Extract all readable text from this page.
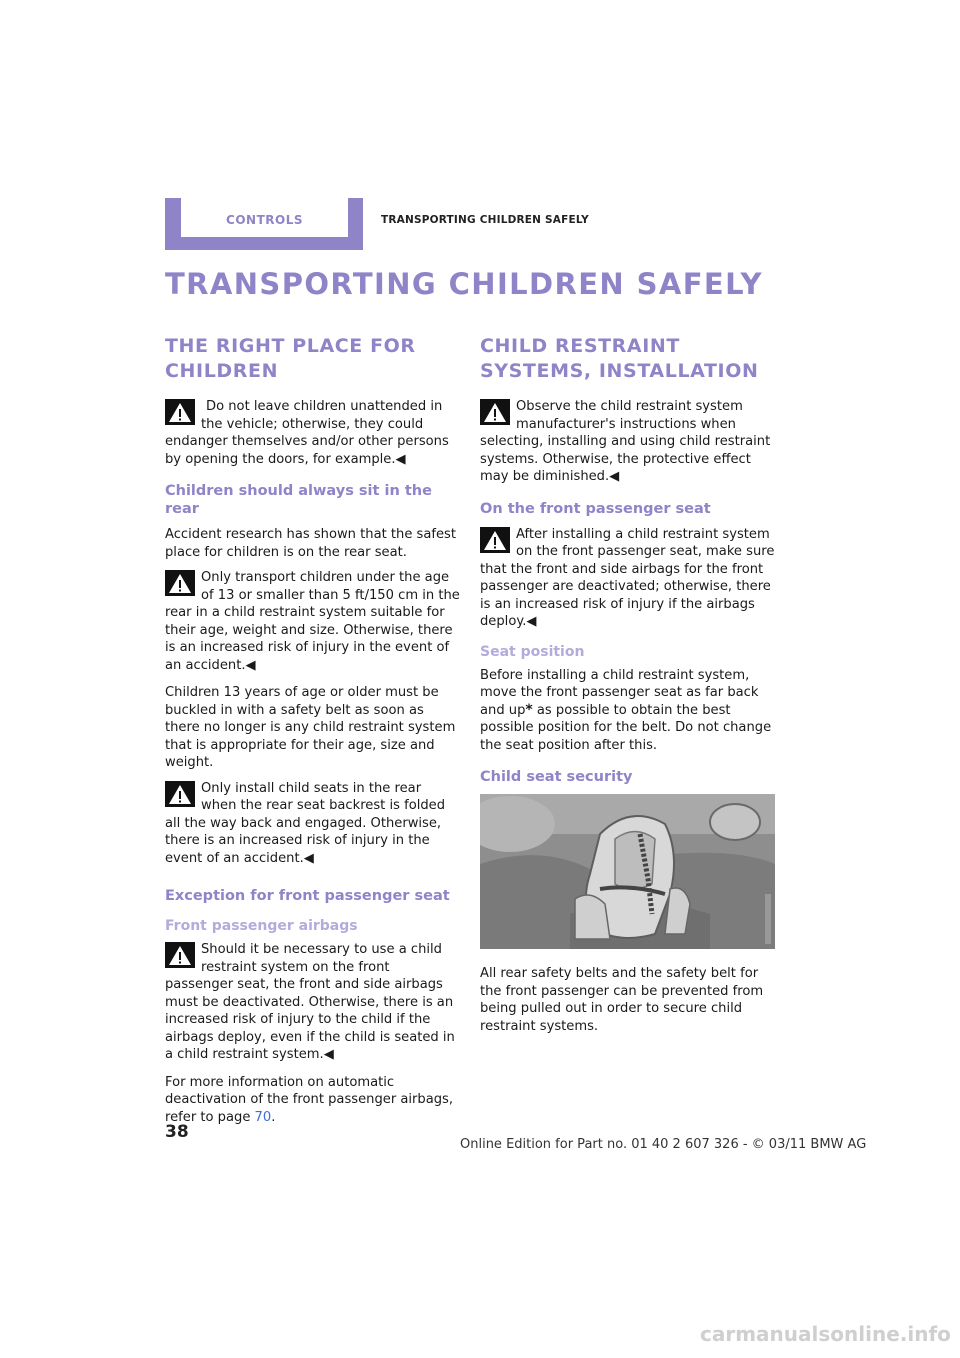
CONTROLS	TRANSPORTING CHILDREN SAFELY
TRANSPORTING CHILDREN SAFELY
THE RIGHT PLACE FOR CHILDREN

Do not leave children unattended in the vehicle; otherwise, they could endanger themselves and/or other persons by opening the doors, for example.◀

Children should always sit in the rear

Accident research has shown that the safest place for children is on the rear seat.

Only transport children under the age of 13 or smaller than 5 ft/150 cm in the rear in a child restraint system suitable for their age, weight and size. Otherwise, there is an increased risk of injury in the event of an accident.◀

Children 13 years of age or older must be buckled in with a safety belt as soon as there no longer is any child restraint system that is appropriate for their age, size and weight.

Only install child seats in the rear when the rear seat backrest is folded all the way back and engaged. Otherwise, there is an increased risk of injury in the event of an accident.◀

Exception for front passenger seat
Front passenger airbags

Should it be necessary to use a child restraint system on the front passenger seat, the front and side airbags must be deactivated. Otherwise, there is an increased risk of injury to the child if the airbags deploy, even if the child is seated in a child restraint system.◀

For more information on automatic deactivation of the front passenger airbags, refer to page 70.

CHILD RESTRAINT SYSTEMS, INSTALLATION

Observe the child restraint system manufacturer's instructions when selecting, installing and using child restraint systems. Otherwise, the protective effect may be diminished.◀

On the front passenger seat

After installing a child restraint system on the front passenger seat, make sure that the front and side airbags for the front passenger are deactivated; otherwise, there is an increased risk of injury if the airbags deploy.◀

Seat position

Before installing a child restraint system, move the front passenger seat as far back and up* as possible to obtain the best possible position for the belt. Do not change the seat position after this.

Child seat security

All rear safety belts and the safety belt for the front passenger can be prevented from being pulled out in order to secure child restraint systems.

38
Online Edition for Part no. 01 40 2 607 326 - © 03/11 BMW AG
carmanualsonline.info
